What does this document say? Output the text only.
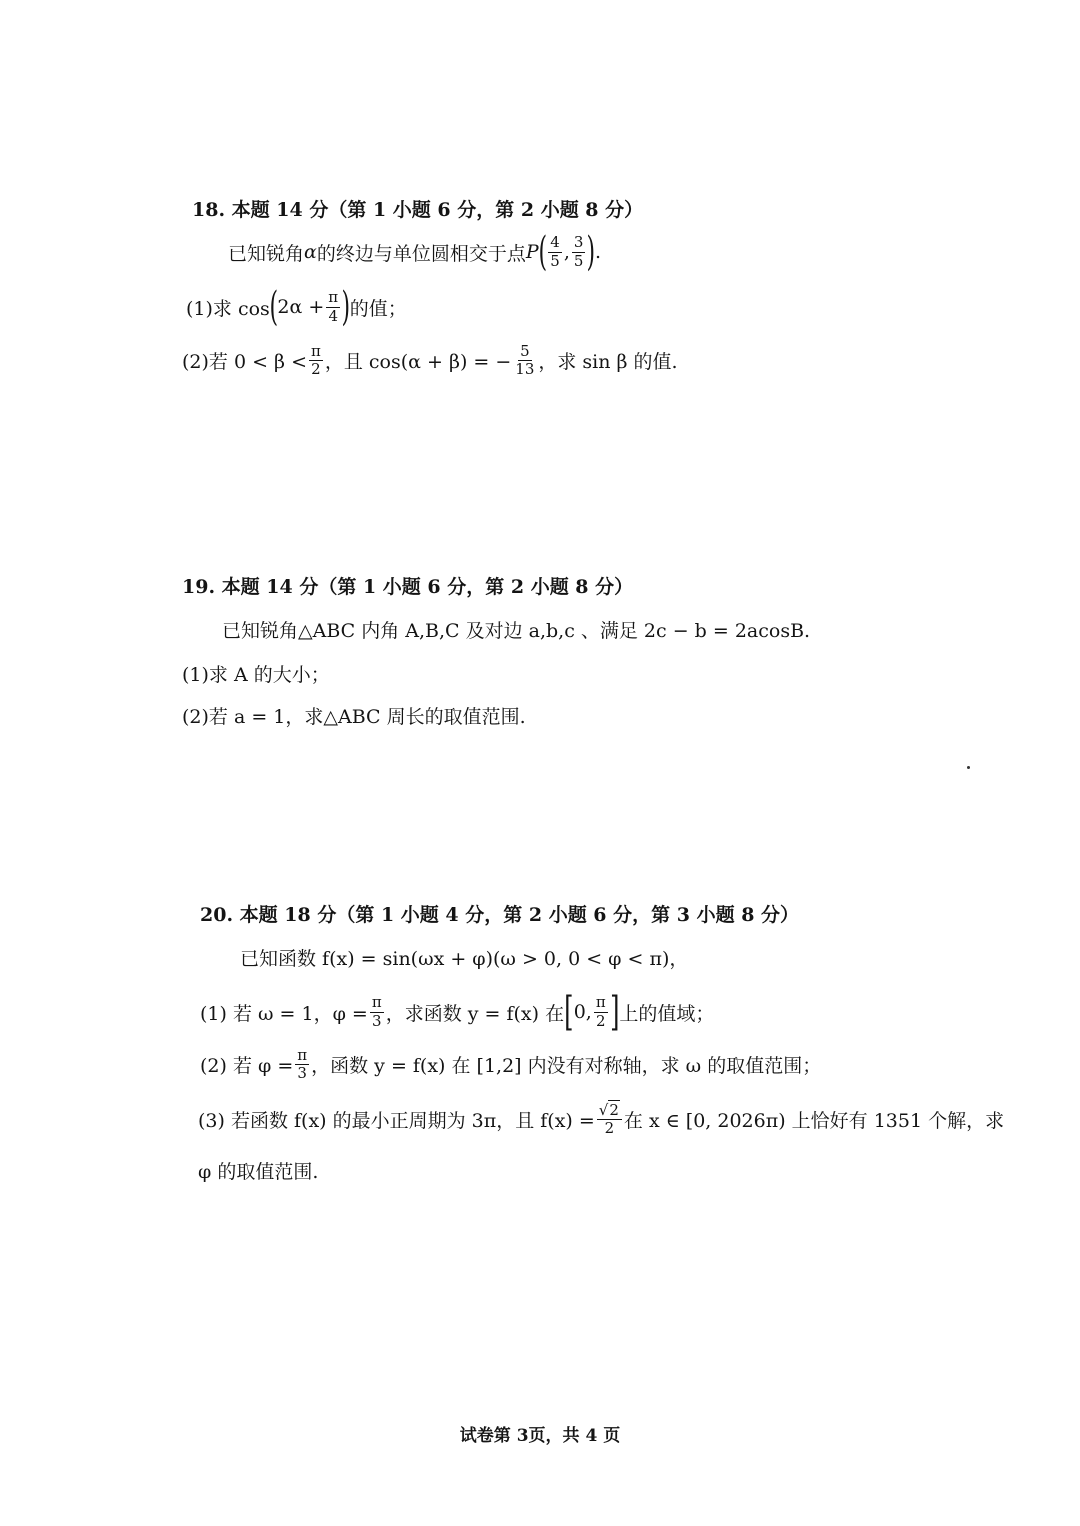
18. 本题 14 分（第 1 小题 6 分，第 2 小题 8 分）
已知锐角 α 的终边与单位圆相交于点 P ( $\frac{4}{5}$ , $\frac{3}{5}$ ) .
(1)求 cos ( $2\alpha + \frac{\pi}{4}$ ) 的值；
(2)若 $0 < \beta < \frac{\pi}{2}$ ，且 cos(α + β) = − $\frac{5}{13}$ ，求 sin β 的值.
19. 本题 14 分（第 1 小题 6 分，第 2 小题 8 分）
已知锐角△ABC 内角 A,B,C 及对边 a,b,c 、满足 2c − b = 2acosB.
(1)求 A 的大小；
(2)若 a = 1，求△ABC 周长的取值范围.
20. 本题 18 分（第 1 小题 4 分，第 2 小题 6 分，第 3 小题 8 分）
已知函数 f(x) = sin(ωx + φ)(ω > 0, 0 < φ < π)，
(1) 若 ω = 1，$\varphi = \frac{\pi}{3}$ ，求函数 y = f(x) 在 [ 0, $\frac{\pi}{2}$ ] 上的值域；
(2) 若 $\varphi = \frac{\pi}{3}$ ，函数 y = f(x) 在 [1,2] 内没有对称轴，求 ω 的取值范围；
(3) 若函数 f(x) 的最小正周期为 3π，且 $f(x) = \frac{√2}{2}$ 在 x ∈ [0, 2026π) 上恰好有 1351 个解，求
φ 的取值范围.
试卷第 3页，共 4 页
